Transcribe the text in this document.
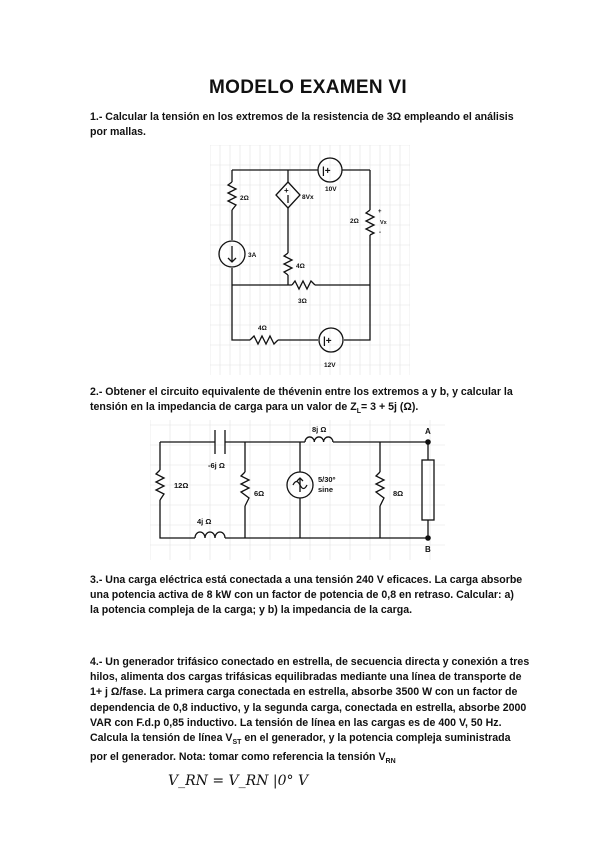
MODELO EXAMEN VI

1.- Calcular la tensión en los extremos de la resistencia de 3Ω empleando el análisis

por mallas.

+
|+
|+
2Ω	8Vx
10V
2Ω
+
Vx
-
3A
4Ω
3Ω
4Ω
12V

2.- Obtener el circuito equivalente de thévenin entre los extremos a y b, y calcular la

tensión en la impedancia de carga para un valor de $Z_L= 3 + 5j$ (Ω).

-6j Ω
8j Ω	A
12Ω
6Ω
5/30º
sine	8Ω
4j Ω
B

3.- Una carga eléctrica está conectada a una tensión 240 V eficaces. La carga absorbe

una potencia activa de 8 kW con un factor de potencia de 0,8 en retraso. Calcular: a)

la potencia compleja de la carga; y b) la impedancia de la carga.

4.- Un generador trifásico conectado en estrella, de secuencia directa y conexión a tres

hilos, alimenta dos cargas trifásicas equilibradas mediante una línea de transporte de

1+ j Ω/fase. La primera carga conectada en estrella, absorbe 3500 W con un factor de

dependencia de 0,8 inductivo, y la segunda carga, conectada en estrella, absorbe 2000

VAR con F.d.p 0,85 inductivo. La tensión de línea en las cargas es de 400 V, 50 Hz.

Calcula la tensión de línea $V_{ST}$ en el generador, y la potencia compleja suministrada

por el generador. Nota: tomar como referencia la tensión $V_{RN}$

V_RN = V_RN |0° V
